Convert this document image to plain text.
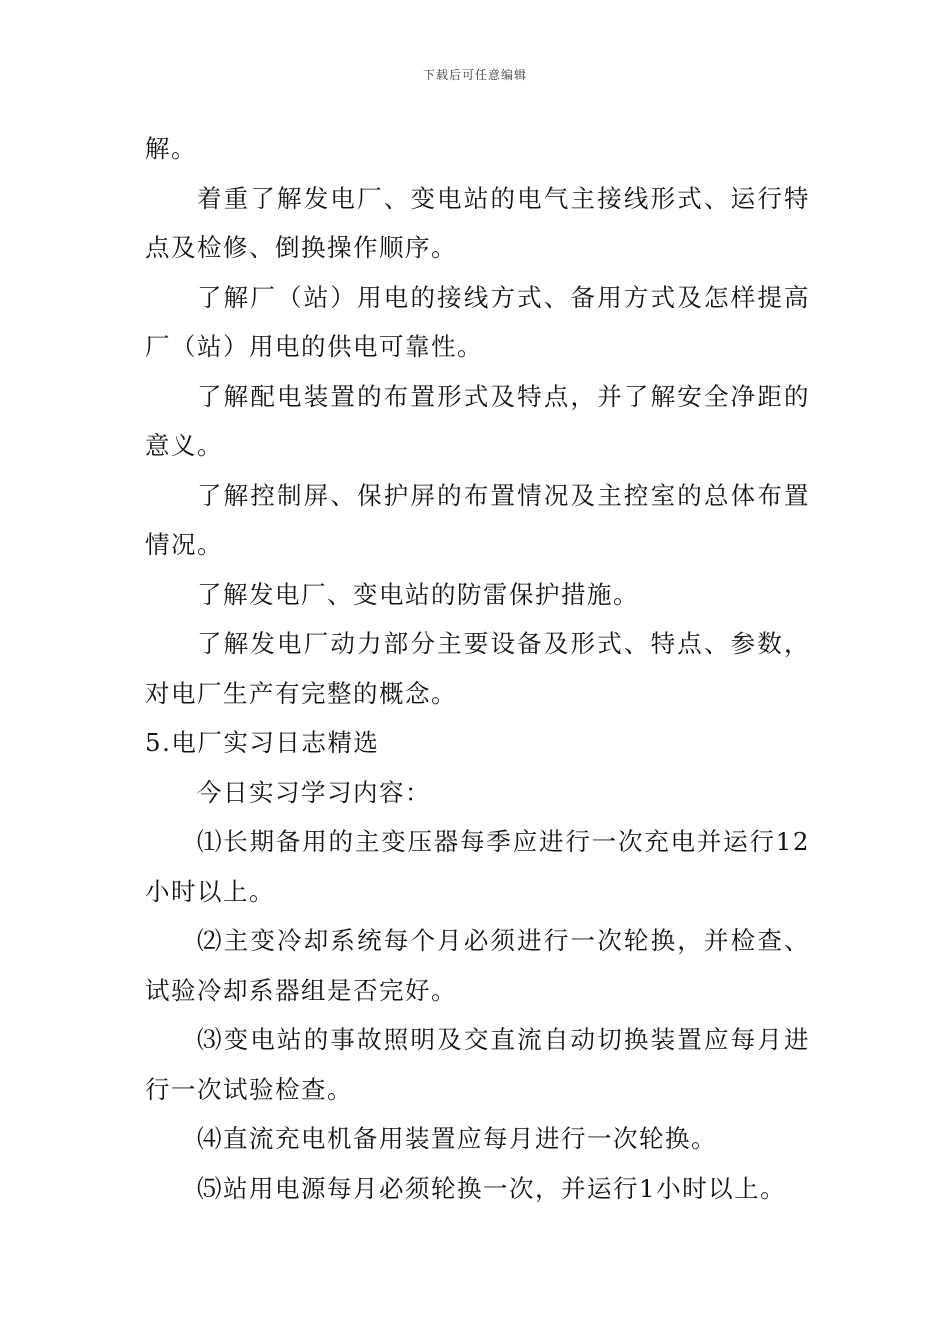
下载后可任意编辑

解。

着重了解发电厂、变电站的电气主接线形式、运行特点及检修、倒换操作顺序。

了解厂（站）用电的接线方式、备用方式及怎样提高厂（站）用电的供电可靠性。

了解配电装置的布置形式及特点，并了解安全净距的意义。

了解控制屏、保护屏的布置情况及主控室的总体布置情况。

了解发电厂、变电站的防雷保护措施。

了解发电厂动力部分主要设备及形式、特点、参数，对电厂生产有完整的概念。

5.电厂实习日志精选

今日实习学习内容：

⑴长期备用的主变压器每季应进行一次充电并运行12小时以上。

⑵主变冷却系统每个月必须进行一次轮换，并检查、试验冷却系器组是否完好。

⑶变电站的事故照明及交直流自动切换装置应每月进行一次试验检查。

⑷直流充电机备用装置应每月进行一次轮换。

⑸站用电源每月必须轮换一次，并运行1小时以上。
